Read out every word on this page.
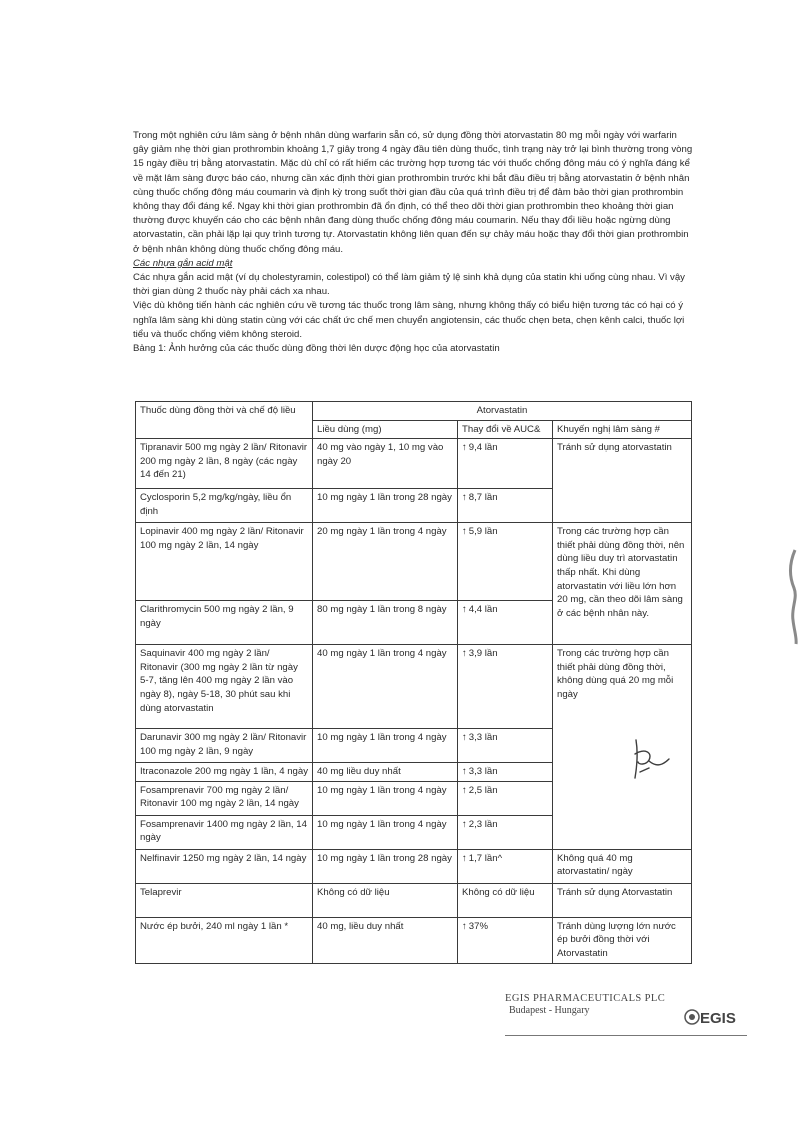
Trong một nghiên cứu lâm sàng ở bệnh nhân dùng warfarin sẵn có, sử dụng đồng thời atorvastatin 80 mg mỗi ngày với warfarin gây giảm nhẹ thời gian prothrombin khoảng 1,7 giây trong 4 ngày đầu tiên dùng thuốc, tình trạng này trở lại bình thường trong vòng 15 ngày điều trị bằng atorvastatin. Mặc dù chỉ có rất hiếm các trường hợp tương tác với thuốc chống đông máu có ý nghĩa đáng kể về mặt lâm sàng được báo cáo, nhưng cần xác định thời gian prothrombin trước khi bắt đầu điều trị bằng atorvastatin ở bệnh nhân cùng thuốc chống đông máu coumarin và định kỳ trong suốt thời gian đầu của quá trình điều trị để đảm bảo thời gian prothrombin không thay đổi đáng kể. Ngay khi thời gian prothrombin đã ổn định, có thể theo dõi thời gian prothrombin theo khoảng thời gian thường được khuyến cáo cho các bệnh nhân đang dùng thuốc chống đông máu coumarin. Nếu thay đổi liều hoặc ngừng dùng atorvastatin, cần phải lặp lại quy trình tương tự. Atorvastatin không liên quan đến sự chảy máu hoặc thay đổi thời gian prothrombin ở bệnh nhân không dùng thuốc chống đông máu.

Các nhựa gắn acid mật

Các nhựa gắn acid mật (ví dụ cholestyramin, colestipol) có thể làm giảm tỷ lệ sinh khả dụng của statin khi uống cùng nhau. Vì vậy thời gian dùng 2 thuốc này phải cách xa nhau.

Việc dù không tiến hành các nghiên cứu về tương tác thuốc trong lâm sàng, nhưng không thấy có biểu hiện tương tác có hại có ý nghĩa lâm sàng khi dùng statin cùng với các chất ức chế men chuyển angiotensin, các thuốc chẹn beta, chẹn kênh calci, thuốc lợi tiểu và thuốc chống viêm không steroid.

Bảng 1: Ảnh hưởng của các thuốc dùng đồng thời lên dược động học của atorvastatin

Thuốc dùng đồng thời và chế độ liều	Atorvastatin		
	Liều dùng (mg)	Thay đổi về AUC&	Khuyến nghị lâm sàng #
Tipranavir 500 mg ngày 2 lần/ Ritonavir 200 mg ngày 2 lần, 8 ngày (các ngày 14 đến 21)	40 mg vào ngày 1, 10 mg vào ngày 20	↑ 9,4 lần	Tránh sử dụng atorvastatin
Cyclosporin 5,2 mg/kg/ngày, liều ổn định	10 mg ngày 1 lần trong 28 ngày	↑ 8,7 lần	
Lopinavir 400 mg ngày 2 lần/ Ritonavir 100 mg ngày 2 lần, 14 ngày	20 mg ngày 1 lần trong 4 ngày	↑ 5,9 lần	Trong các trường hợp cần thiết phải dùng đồng thời, nên dùng liều duy trì atorvastatin thấp nhất. Khi dùng atorvastatin với liều lớn hơn 20 mg, cần theo dõi lâm sàng ở các bệnh nhân này.
Clarithromycin 500 mg ngày 2 lần, 9 ngày	80 mg ngày 1 lần trong 8 ngày	↑ 4,4 lần	
Saquinavir 400 mg ngày 2 lần/ Ritonavir (300 mg ngày 2 lần từ ngày 5-7, tăng lên 400 mg ngày 2 lần vào ngày 8), ngày 5-18, 30 phút sau khi dùng atorvastatin	40 mg ngày 1 lần trong 4 ngày	↑ 3,9 lần	Trong các trường hợp cần thiết phải dùng đồng thời, không dùng quá 20 mg mỗi ngày
Darunavir 300 mg ngày 2 lần/ Ritonavir 100 mg ngày 2 lần, 9 ngày	10 mg ngày 1 lần trong 4 ngày	↑ 3,3 lần	
Itraconazole 200 mg ngày 1 lần, 4 ngày	40 mg liều duy nhất	↑ 3,3 lần	
Fosamprenavir 700 mg ngày 2 lần/ Ritonavir 100 mg ngày 2 lần, 14 ngày	10 mg ngày 1 lần trong 4 ngày	↑ 2,5 lần	
Fosamprenavir 1400 mg ngày 2 lần, 14 ngày	10 mg ngày 1 lần trong 4 ngày	↑ 2,3 lần	
Nelfinavir 1250 mg ngày 2 lần, 14 ngày	10 mg ngày 1 lần trong 28 ngày	↑ 1,7 lần^	Không quá 40 mg atorvastatin/ ngày
Telaprevir	Không có dữ liệu	Không có dữ liệu	Tránh sử dụng Atorvastatin
Nước ép bưởi, 240 ml ngày 1 lần *	40 mg, liều duy nhất	↑ 37%	Tránh dùng lượng lớn nước ép bưởi đồng thời với Atorvastatin
EGIS PHARMACEUTICALS PLC
Budapest - Hungary	EGIS
